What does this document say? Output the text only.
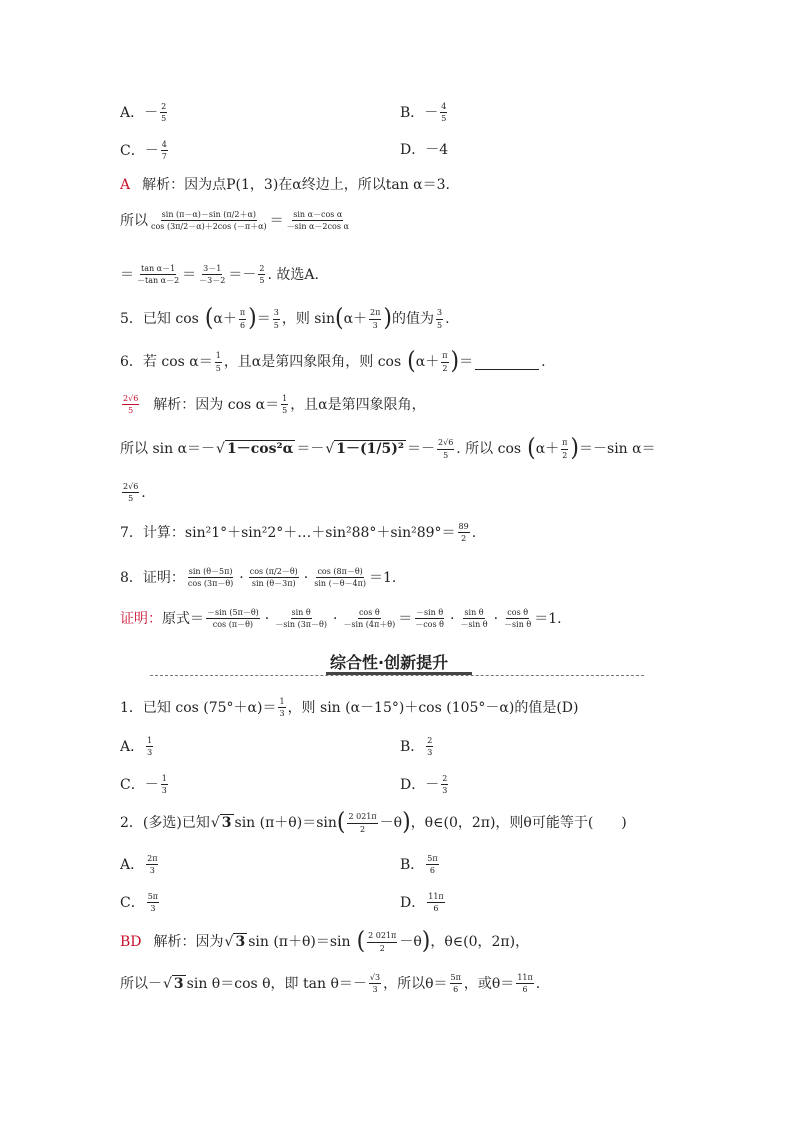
A．－ $\frac{2}{5}$	B．－ $\frac{4}{5}$
C．－ $\frac{4}{7}$	D．－4
A 解析：因为点P(1，3)在α终边上，所以tan α＝3.
所以 $\frac{\sin (\pi-\alpha)-\sin (\pi/2+\alpha)}{\cos (3\pi/2-\alpha)+2\cos (-\pi+\alpha)} = \frac{\text{sin α－cos α}}{\text{－sin α－2cos α}}$
＝ $\frac{\text{tan α－1}}{\text{－tan α－2}} = \frac{3-1}{-3-2} =- \frac{2}{5}$ . 故选A.
5．已知 cos ( $\alpha+ \frac{\pi}{6}$ ) ＝ $\frac{3}{5}$ ，则 sin ( $\alpha+ \frac{2\pi}{3}$ ) 的值为 $\frac{3}{5}$ .
6．若 $\cos \alpha= \frac{1}{5}$ ，且α是第四象限角，则 cos ( $\alpha+ \frac{\pi}{2}$ ) ＝	.
$\frac{2√6}{5}$ 解析：因为 $\cos \alpha= \frac{1}{5}$ ，且α是第四象限角，
所以 sin α＝－ √ 1－cos²α ＝－ √ $1-(1/5)^2 =- \frac{2√6}{5}$ . 所以 cos ( $\alpha+ \frac{\pi}{2}$ ) ＝－sin α＝
$\frac{2√6}{5}$ .
7．计算：sin²1°＋sin²2°＋…＋sin²88°＋sin²89°＝ $\frac{89}{2}$ .
8．证明： $\frac{\sin (\theta-5\pi)}{\cos (3\pi-\theta)} \cdot \frac{\cos (\pi/2-\theta)}{\sin (\theta-3\pi)} \cdot \frac{\cos (8\pi-\theta)}{\sin (-\theta-4\pi)} =1$.
证明： 原式＝ $\frac{-\sin (5\pi-\theta)}{\cos (\pi-\theta)} \cdot \frac{\text{sin θ}}{-\sin (3\pi-\theta)} \cdot \frac{\text{cos θ}}{-\sin (4\pi+\theta)} = \frac{\text{－sin θ}}{\text{－cos θ}} \cdot \frac{\text{sin θ}}{\text{－sin θ}} \cdot \frac{\text{cos θ}}{\text{－sin θ}} =1$.
综合性·创新提升
1．已知 $\cos (75^\circ+\alpha)= \frac{1}{3}$ ，则 sin (α－15°)＋cos (105°－α)的值是(D)
A． $\frac{1}{3}$	B． $\frac{2}{3}$
C．－ $\frac{1}{3}$	D．－ $\frac{2}{3}$
2．(多选)已知 √ 3 sin (π＋θ)＝sin ( $\frac{2 021\pi}{2} -\theta$ ) ，θ∈(0，2π)，则θ可能等于(　　)
A． $\frac{2\pi}{3}$	B． $\frac{5\pi}{6}$
C． $\frac{5\pi}{3}$	D． $\frac{11\pi}{6}$
BD 解析：因为 √ 3 sin (π＋θ)＝sin ( $\frac{2 021\pi}{2} -\theta$ ) ，θ∈(0，2π)，
所以－ √ 3 sin θ＝cos θ，即 $\tan \theta=- \frac{√3}{3}$ ，所以$\theta= \frac{5\pi}{6}$ ，或$\theta= \frac{11\pi}{6}$ .
